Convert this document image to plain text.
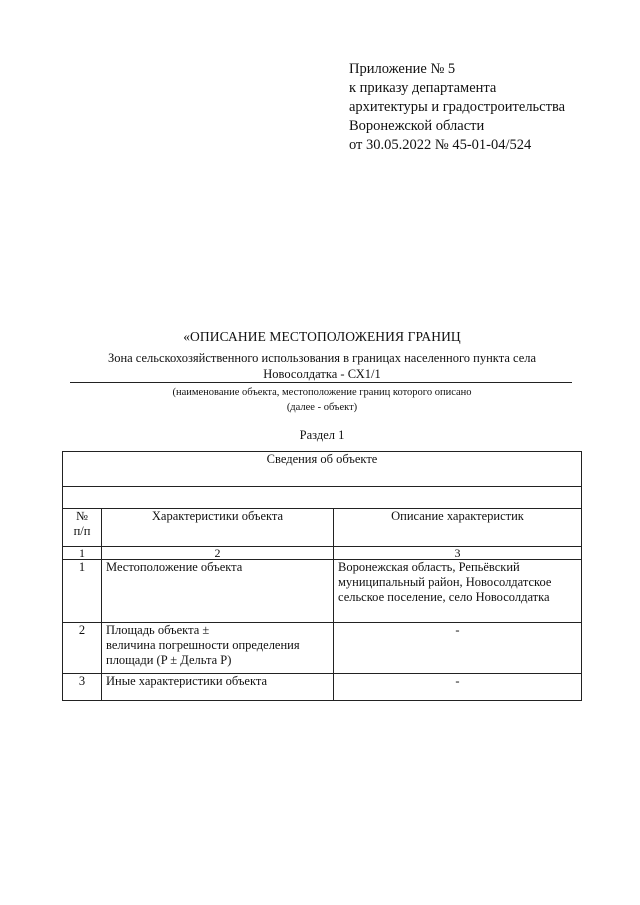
Приложение № 5
к приказу департамента
архитектуры и градостроительства
Воронежской области
от 30.05.2022 № 45-01-04/524
«ОПИСАНИЕ МЕСТОПОЛОЖЕНИЯ ГРАНИЦ
Зона сельскохозяйственного использования в границах населенного пункта села
Новосолдатка - СХ1/1
(наименование объекта, местоположение границ которого описано
(далее - объект)
Раздел 1
Сведения об объекте		

№
п/п	Характеристики объекта	Описание характеристик
1	2	3
1	Местоположение объекта	Воронежская область, Репьёвский
муниципальный район, Новосолдатское
сельское поселение, село Новосолдатка

2	Площадь объекта ±
величина погрешности определения
площади (P ± Дельта P)	-
3	Иные характеристики объекта	-
